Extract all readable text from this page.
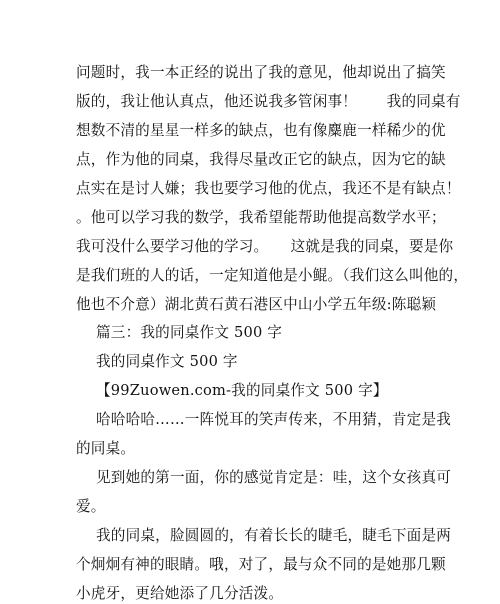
问题时，我一本正经的说出了我的意见，他却说出了搞笑
版的，我让他认真点，他还说我多管闲事！　　我的同桌有
想数不清的星星一样多的缺点，也有像麋鹿一样稀少的优
点，作为他的同桌，我得尽量改正它的缺点，因为它的缺
点实在是讨人嫌；我也要学习他的优点，我还不是有缺点！
。他可以学习我的数学，我希望能帮助他提高数学水平；
我可没什么要学习他的学习。　　这就是我的同桌，要是你
是我们班的人的话，一定知道他是小鲲。（我们这么叫他的，
他也不介意）湖北黄石黄石港区中山小学五年级:陈聪颖
篇三：我的同桌作文 500 字
我的同桌作文 500 字
【99Zuowen.com-我的同桌作文 500 字】
哈哈哈哈……一阵悦耳的笑声传来，不用猜，肯定是我
的同桌。
见到她的第一面，你的感觉肯定是：哇，这个女孩真可
爱。
我的同桌，脸圆圆的，有着长长的睫毛，睫毛下面是两
个炯炯有神的眼睛。哦，对了，最与众不同的是她那几颗
小虎牙，更给她添了几分活泼。
